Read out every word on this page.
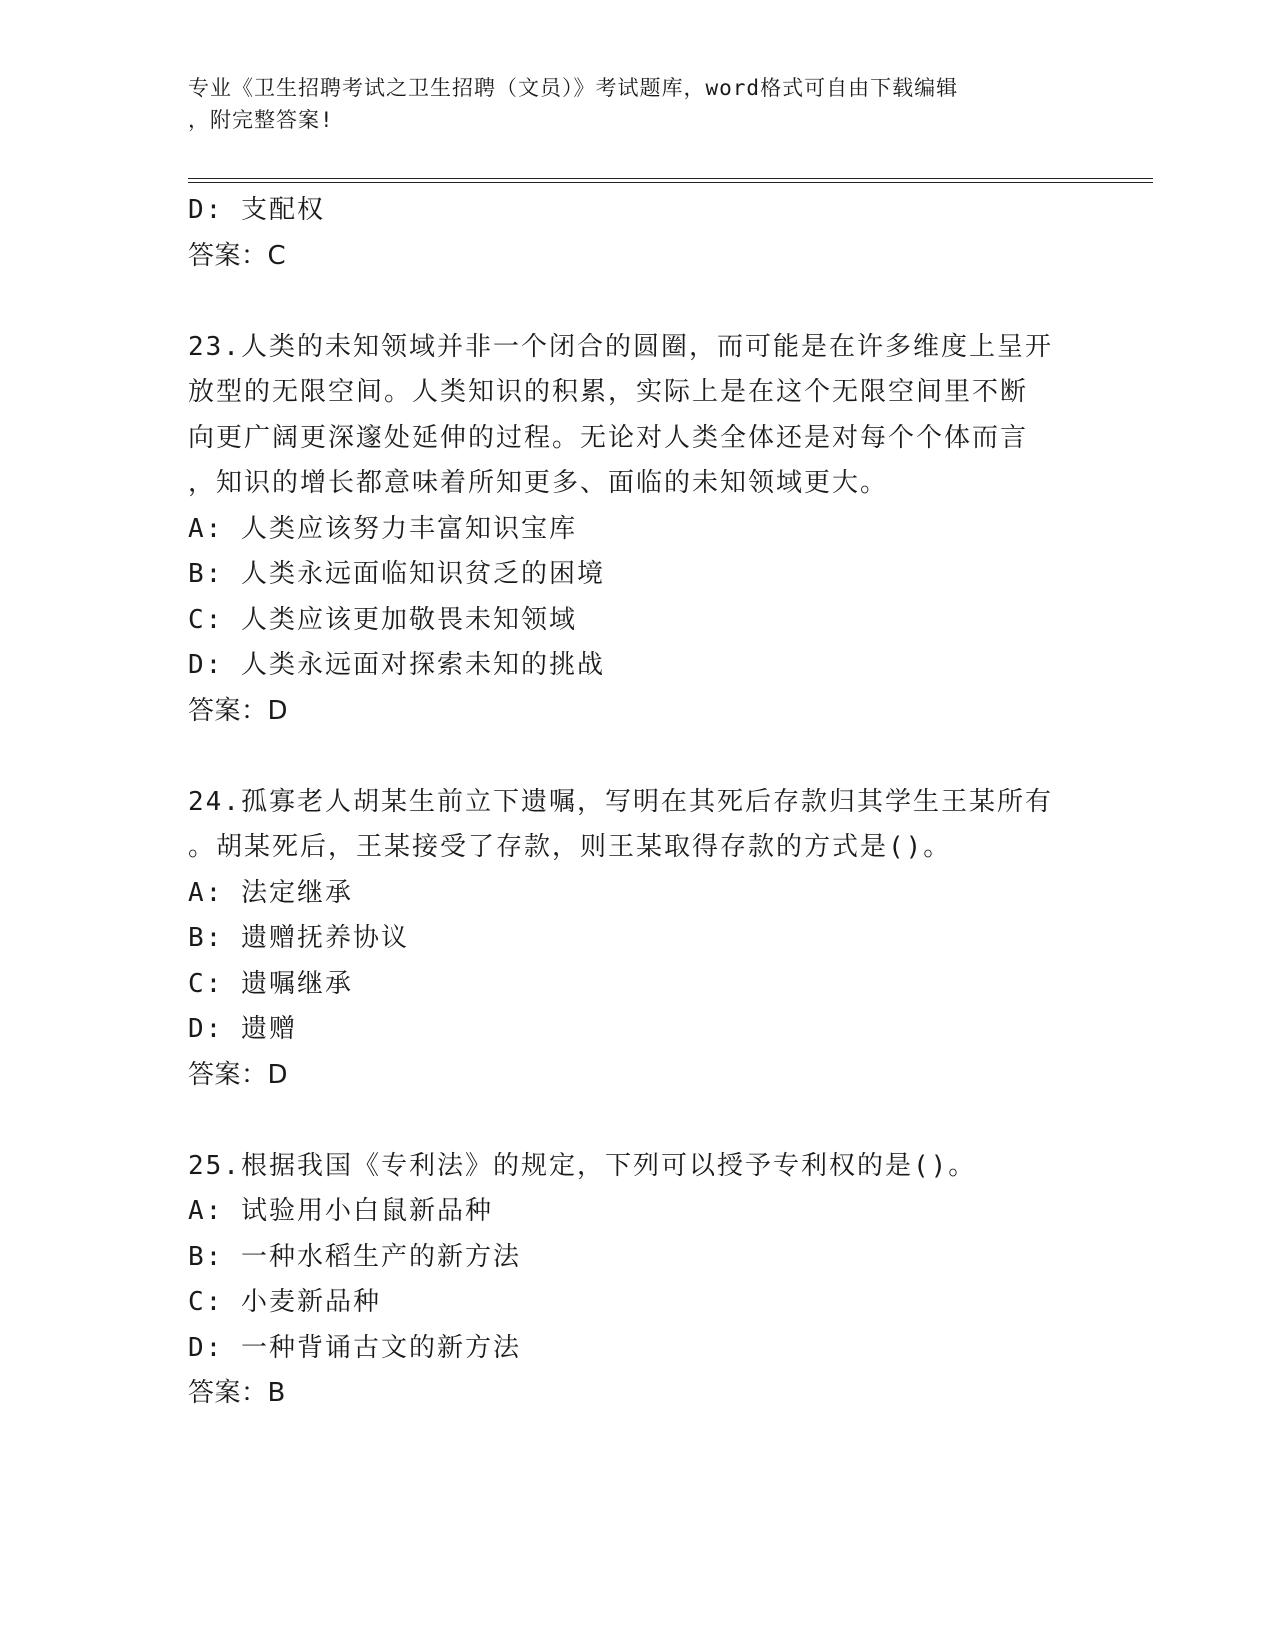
专业《卫生招聘考试之卫生招聘（文员）》考试题库，word格式可自由下载编辑
，附完整答案!
D: 支配权
答案：C
23.人类的未知领域并非一个闭合的圆圈，而可能是在许多维度上呈开
放型的无限空间。人类知识的积累，实际上是在这个无限空间里不断
向更广阔更深邃处延伸的过程。无论对人类全体还是对每个个体而言
，知识的增长都意味着所知更多、面临的未知领域更大。
A: 人类应该努力丰富知识宝库
B: 人类永远面临知识贫乏的困境
C: 人类应该更加敬畏未知领域
D: 人类永远面对探索未知的挑战
答案：D
24.孤寡老人胡某生前立下遗嘱，写明在其死后存款归其学生王某所有
。胡某死后，王某接受了存款，则王某取得存款的方式是()。
A: 法定继承
B: 遗赠抚养协议
C: 遗嘱继承
D: 遗赠
答案：D
25.根据我国《专利法》的规定，下列可以授予专利权的是()。
A: 试验用小白鼠新品种
B: 一种水稻生产的新方法
C: 小麦新品种
D: 一种背诵古文的新方法
答案：B
